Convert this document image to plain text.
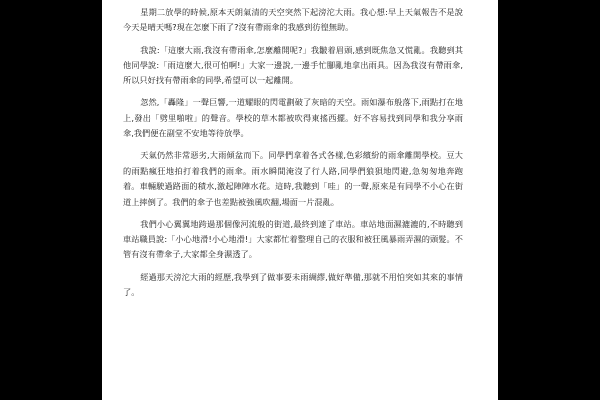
星期二放學的時候,原本天朗氣清的天空突然下起滂沱大雨。我心想:早上天氣報告不是說今天是晴天嗎?現在怎麼下雨了?沒有帶雨傘的我感到彷徨無助。

我說:「這麼大雨,我沒有帶雨傘,怎麼離開呢?」我皺着眉頭,感到既焦急又慌亂。我聽到其他同學說:「雨這麼大,很可怕啊!」大家一邊說,一邊手忙腳亂地拿出雨具。因為我沒有帶雨傘,所以只好找有帶雨傘的同學,希望可以一起離開。

忽然,「轟隆」一聲巨響,一道耀眼的閃電劃破了灰暗的天空。雨如瀑布般落下,雨點打在地上,發出「劈里啪啦」的聲音。學校的草木都被吹得東搖西擺。好不容易找到同學和我分享雨傘,我們便在副堂不安地等待放學。

天氣仍然非常惡劣,大雨傾盆而下。同學們拿着各式各樣,色彩繽紛的雨傘離開學校。豆大的雨點瘋狂地拍打着我們的雨傘。雨水瞬間淹沒了行人路,同學們狼狽地閃避,急匆匆地奔跑着。車輛駛過路面的積水,激起陣陣水花。這時,我聽到「哇」的一聲,原來是有同學不小心在街道上摔倒了。我們的傘子也差點被強風吹翻,場面一片混亂。

我們小心翼翼地跨過那個像河流般的街道,最終到達了車站。車站地面濕漉漉的,不時聽到車站職員說:「小心地滑!小心地滑!」大家都忙着整理自己的衣服和被狂風暴雨弄濕的頭髮。不管有沒有帶傘子,大家都全身濕透了。

經過那天滂沱大雨的經歷,我學到了做事要未雨綢繆,做好準備,那就不用怕突如其來的事情了。
